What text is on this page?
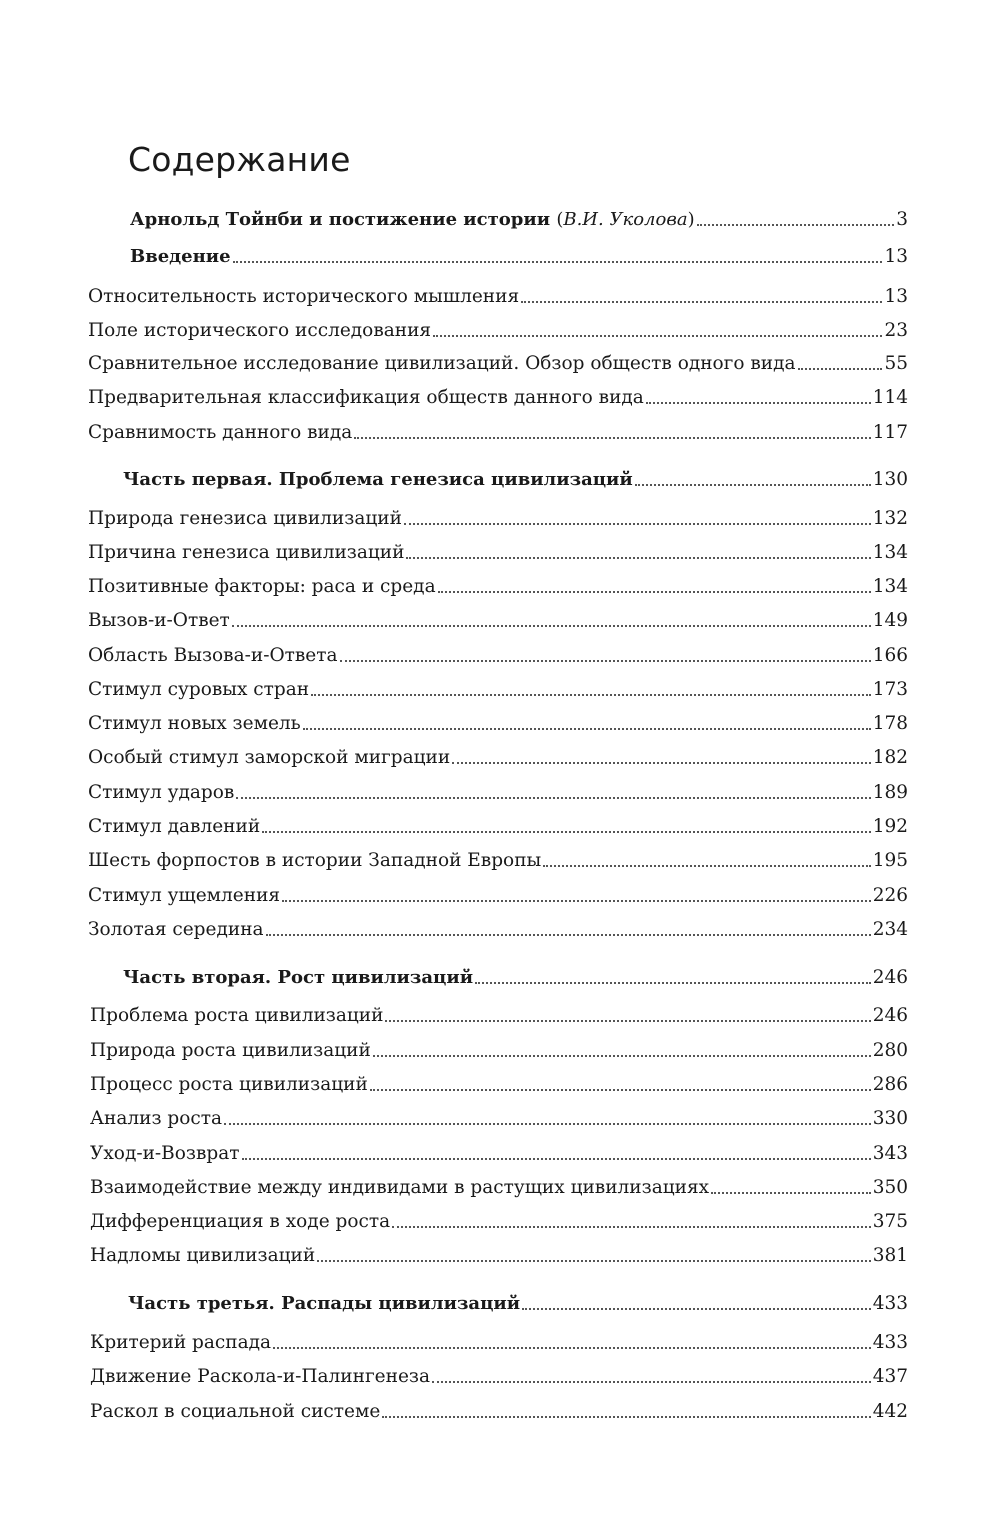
Содержание
Арнольд Тойнби и постижение истории (В.И. Уколова)	3
Введение	13
Относительность исторического мышления	13
Поле исторического исследования	23
Сравнительное исследование цивилизаций. Обзор обществ одного вида	55
Предварительная классификация обществ данного вида	114
Сравнимость данного вида	117
Часть первая. Проблема генезиса цивилизаций	130
Природа генезиса цивилизаций	132
Причина генезиса цивилизаций	134
Позитивные факторы: раса и среда	134
Вызов-и-Ответ	149
Область Вызова-и-Ответа	166
Стимул суровых стран	173
Стимул новых земель	178
Особый стимул заморской миграции	182
Стимул ударов	189
Стимул давлений	192
Шесть форпостов в истории Западной Европы	195
Стимул ущемления	226
Золотая середина	234
Часть вторая. Рост цивилизаций	246
Проблема роста цивилизаций	246
Природа роста цивилизаций	280
Процесс роста цивилизаций	286
Анализ роста	330
Уход-и-Возврат	343
Взаимодействие между индивидами в растущих цивилизациях	350
Дифференциация в ходе роста	375
Надломы цивилизаций	381
Часть третья. Распады цивилизаций	433
Критерий распада	433
Движение Раскола-и-Палингенеза	437
Раскол в социальной системе	442
